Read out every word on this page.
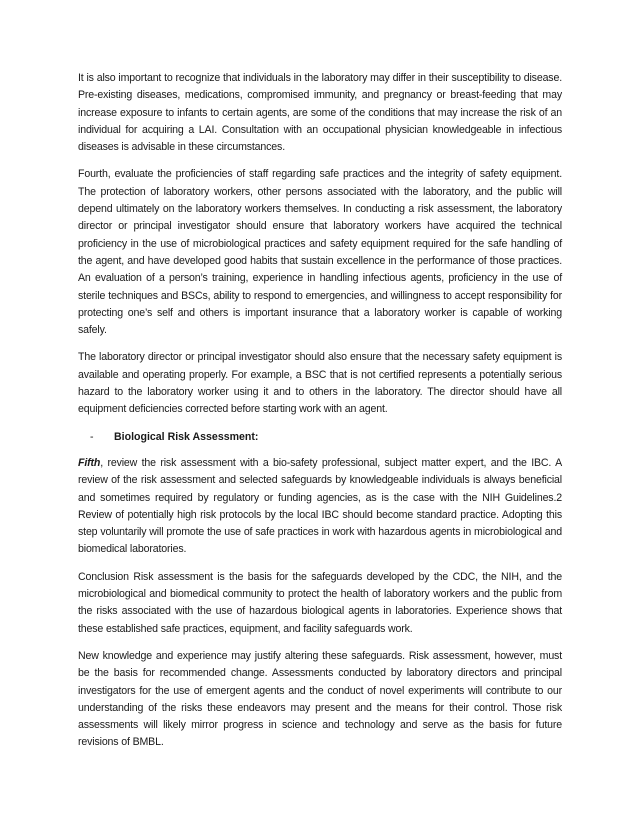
It is also important to recognize that individuals in the laboratory may differ in their susceptibility to disease. Pre-existing diseases, medications, compromised immunity, and pregnancy or breast-feeding that may increase exposure to infants to certain agents, are some of the conditions that may increase the risk of an individual for acquiring a LAI. Consultation with an occupational physician knowledgeable in infectious diseases is advisable in these circumstances.

Fourth, evaluate the proficiencies of staff regarding safe practices and the integrity of safety equipment. The protection of laboratory workers, other persons associated with the laboratory, and the public will depend ultimately on the laboratory workers themselves. In conducting a risk assessment, the laboratory director or principal investigator should ensure that laboratory workers have acquired the technical proficiency in the use of microbiological practices and safety equipment required for the safe handling of the agent, and have developed good habits that sustain excellence in the performance of those practices. An evaluation of a person’s training, experience in handling infectious agents, proficiency in the use of sterile techniques and BSCs, ability to respond to emergencies, and willingness to accept responsibility for protecting one’s self and others is important insurance that a laboratory worker is capable of working safely.

The laboratory director or principal investigator should also ensure that the necessary safety equipment is available and operating properly. For example, a BSC that is not certified represents a potentially serious hazard to the laboratory worker using it and to others in the laboratory. The director should have all equipment deficiencies corrected before starting work with an agent.

-	Biological Risk Assessment:

Fifth, review the risk assessment with a bio-safety professional, subject matter expert, and the IBC. A review of the risk assessment and selected safeguards by knowledgeable individuals is always beneficial and sometimes required by regulatory or funding agencies, as is the case with the NIH Guidelines.2 Review of potentially high risk protocols by the local IBC should become standard practice. Adopting this step voluntarily will promote the use of safe practices in work with hazardous agents in microbiological and biomedical laboratories.

Conclusion Risk assessment is the basis for the safeguards developed by the CDC, the NIH, and the microbiological and biomedical community to protect the health of laboratory workers and the public from the risks associated with the use of hazardous biological agents in laboratories. Experience shows that these established safe practices, equipment, and facility safeguards work.

New knowledge and experience may justify altering these safeguards. Risk assessment, however, must be the basis for recommended change. Assessments conducted by laboratory directors and principal investigators for the use of emergent agents and the conduct of novel experiments will contribute to our understanding of the risks these endeavors may present and the means for their control. Those risk assessments will likely mirror progress in science and technology and serve as the basis for future revisions of BMBL.
